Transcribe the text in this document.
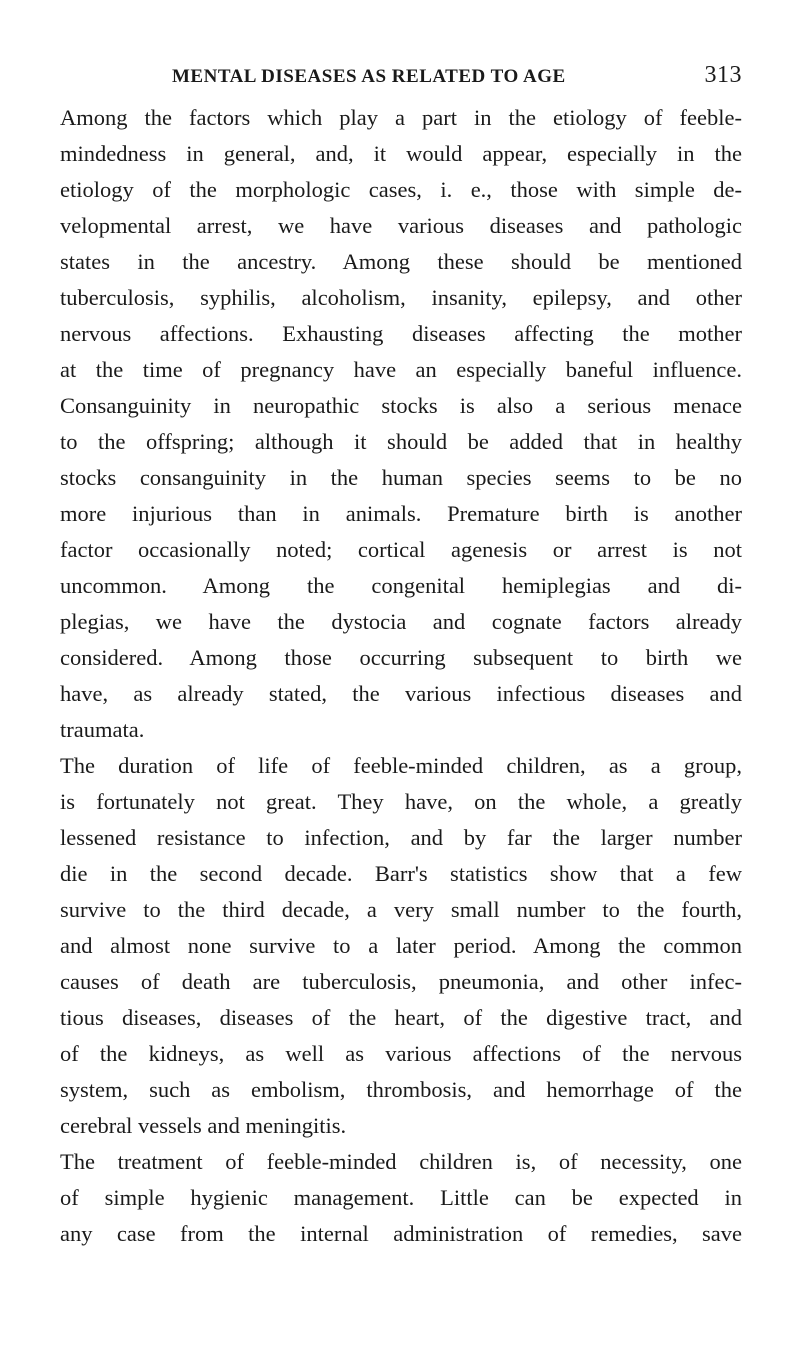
MENTAL DISEASES AS RELATED TO AGE	313
Among the factors which play a part in the etiology of feeble-
mindedness in general, and, it would appear, especially in the
etiology of the morphologic cases, i. e., those with simple de-
velopmental arrest, we have various diseases and pathologic
states in the ancestry. Among these should be mentioned
tuberculosis, syphilis, alcoholism, insanity, epilepsy, and other
nervous affections. Exhausting diseases affecting the mother
at the time of pregnancy have an especially baneful influence.
Consanguinity in neuropathic stocks is also a serious menace
to the offspring; although it should be added that in healthy
stocks consanguinity in the human species seems to be no
more injurious than in animals. Premature birth is another
factor occasionally noted; cortical agenesis or arrest is not
uncommon. Among the congenital hemiplegias and di-
plegias, we have the dystocia and cognate factors already
considered. Among those occurring subsequent to birth we
have, as already stated, the various infectious diseases and
traumata.
The duration of life of feeble-minded children, as a group,
is fortunately not great. They have, on the whole, a greatly
lessened resistance to infection, and by far the larger number
die in the second decade. Barr's statistics show that a few
survive to the third decade, a very small number to the fourth,
and almost none survive to a later period. Among the common
causes of death are tuberculosis, pneumonia, and other infec-
tious diseases, diseases of the heart, of the digestive tract, and
of the kidneys, as well as various affections of the nervous
system, such as embolism, thrombosis, and hemorrhage of the
cerebral vessels and meningitis.
The treatment of feeble-minded children is, of necessity, one
of simple hygienic management. Little can be expected in
any case from the internal administration of remedies, save
